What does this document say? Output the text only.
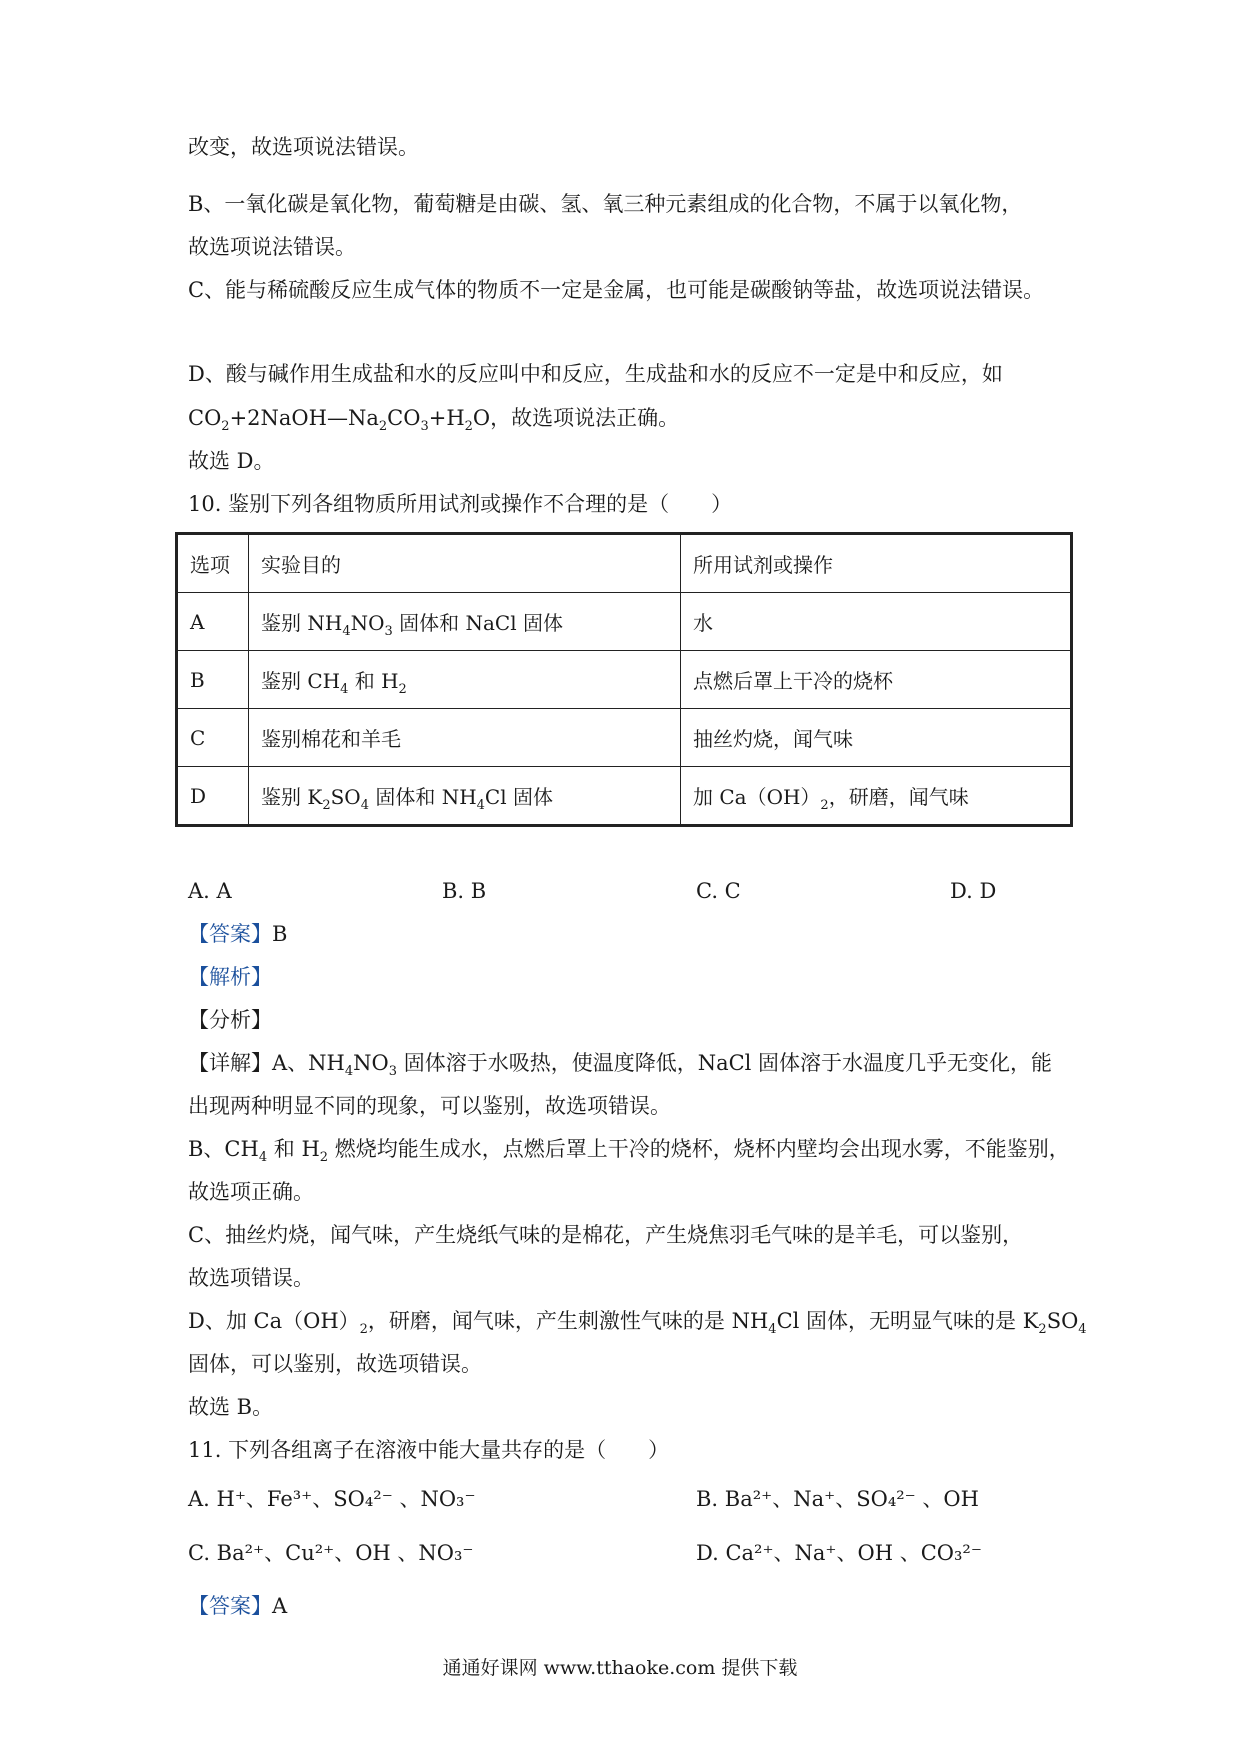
改变，故选项说法错误。
B、一氧化碳是氧化物，葡萄糖是由碳、氢、氧三种元素组成的化合物，不属于以氧化物，
故选项说法错误。
C、能与稀硫酸反应生成气体的物质不一定是金属，也可能是碳酸钠等盐，故选项说法错误。
D、酸与碱作用生成盐和水的反应叫中和反应，生成盐和水的反应不一定是中和反应，如
$CO_2+2NaOH—Na_2CO_3+H_2O$，故选项说法正确。
故选 D。
10. 鉴别下列各组物质所用试剂或操作不合理的是（　　）
选项	实验目的	所用试剂或操作
A	鉴别 $NH_4NO_3$ 固体和 NaCl 固体	水
B	鉴别 $CH_4$ 和 $H_2$	点燃后罩上干冷的烧杯
C	鉴别棉花和羊毛	抽丝灼烧，闻气味
D	鉴别 $K_2SO_4$ 固体和 $NH_4Cl$ 固体	加 $Ca(OH)_2$，研磨，闻气味
A. A	B. B	C. C	D. D
【答案】B
【解析】
【分析】
【详解】A、$NH_4NO_3$ 固体溶于水吸热，使温度降低，NaCl 固体溶于水温度几乎无变化，能
出现两种明显不同的现象，可以鉴别，故选项错误。
B、$CH_4$ 和 $H_2$ 燃烧均能生成水，点燃后罩上干冷的烧杯，烧杯内壁均会出现水雾，不能鉴别，
故选项正确。
C、抽丝灼烧，闻气味，产生烧纸气味的是棉花，产生烧焦羽毛气味的是羊毛，可以鉴别，
故选项错误。
D、加 $Ca(OH)_2$，研磨，闻气味，产生刺激性气味的是 $NH_4Cl$ 固体，无明显气味的是 $K_2SO_4$
固体，可以鉴别，故选项错误。
故选 B。
11. 下列各组离子在溶液中能大量共存的是（　　）
A. H⁺、Fe³⁺、SO₄²⁻ 、NO₃⁻	B. Ba²⁺、Na⁺、SO₄²⁻ 、OH
C. Ba²⁺、Cu²⁺、OH 、NO₃⁻	D. Ca²⁺、Na⁺、OH 、CO₃²⁻
【答案】A
通通好课网 www.tthaoke.com 提供下载
